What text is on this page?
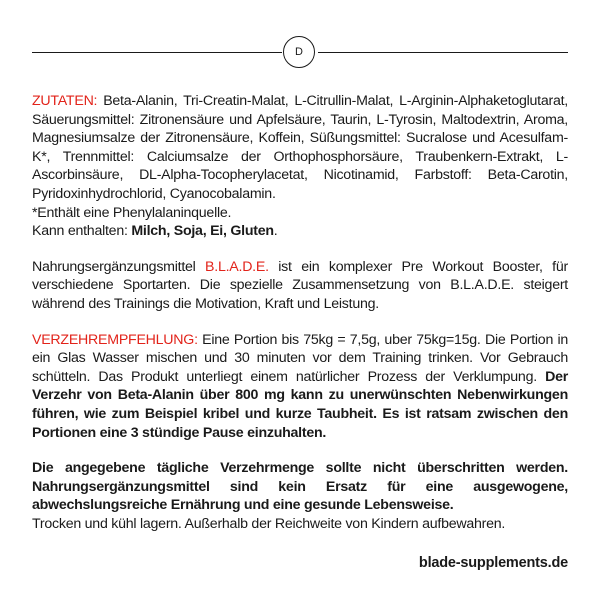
D

ZUTATEN: Beta-Alanin, Tri-Creatin-Malat, L-Citrullin-Malat, L-Arginin-Alphaketoglutarat, Säuerungsmittel: Zitronensäure und Apfelsäure, Taurin, L-Tyrosin, Maltodextrin, Aroma, Magnesiumsalze der Zitronensäure, Koffein, Süßungsmittel: Sucralose und Acesulfam-K*, Trennmittel: Calciumsalze der Orthophosphorsäure, Traubenkern-Extrakt, L-Ascorbinsäure, DL-Alpha-Tocopherylacetat, Nicotinamid, Farbstoff: Beta-Carotin, Pyridoxinhydrochlorid, Cyanocobalamin.

*Enthält eine Phenylalaninquelle.

Kann enthalten: Milch, Soja, Ei, Gluten.

Nahrungsergänzungsmittel B.L.A.D.E. ist ein komplexer Pre Workout Booster, für verschiedene Sportarten. Die spezielle Zusammensetzung von B.L.A.D.E. steigert während des Trainings die Motivation, Kraft und Leistung.

VERZEHREMPFEHLUNG: Eine Portion bis 75kg = 7,5g, uber 75kg=15g. Die Portion in ein Glas Wasser mischen und 30 minuten vor dem Training trinken. Vor Gebrauch schütteln. Das Produkt unterliegt einem natürlicher Prozess der Verklumpung. Der Verzehr von Beta-Alanin über 800 mg kann zu unerwünschten Nebenwirkungen führen, wie zum Beispiel kribel und kurze Taubheit. Es ist ratsam zwischen den Portionen eine 3 stündige Pause einzuhalten.

Die angegebene tägliche Verzehrmenge sollte nicht überschritten werden. Nahrungsergänzungsmittel sind kein Ersatz für eine ausgewogene, abwechslungsreiche Ernährung und eine gesunde Lebensweise.

Trocken und kühl lagern. Außerhalb der Reichweite von Kindern aufbewahren.

blade-supplements.de
